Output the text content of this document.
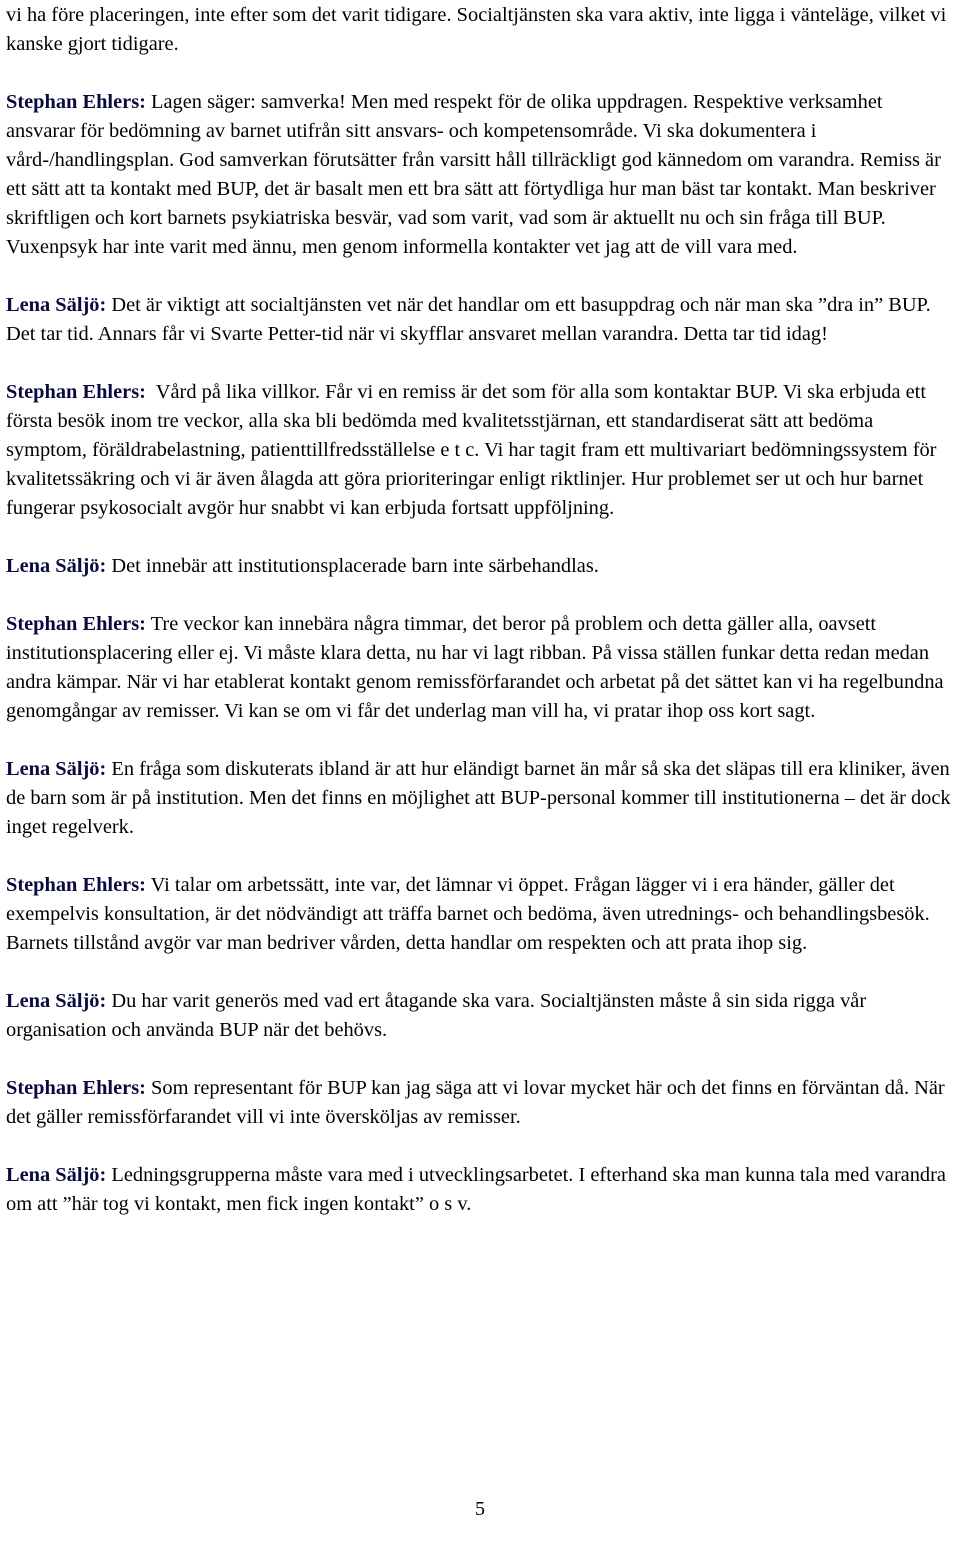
vi ha före placeringen, inte efter som det varit tidigare. Socialtjänsten ska vara aktiv, inte ligga i vänteläge, vilket vi kanske gjort tidigare.

Stephan Ehlers: Lagen säger: samverka! Men med respekt för de olika uppdragen. Respektive verksamhet ansvarar för bedömning av barnet utifrån sitt ansvars- och kompetensområde. Vi ska dokumentera i vård-/handlingsplan. God samverkan förutsätter från varsitt håll tillräckligt god kännedom om varandra. Remiss är ett sätt att ta kontakt med BUP, det är basalt men ett bra sätt att förtydliga hur man bäst tar kontakt. Man beskriver skriftligen och kort barnets psykiatriska besvär, vad som varit, vad som är aktuellt nu och sin fråga till BUP. Vuxenpsyk har inte varit med ännu, men genom informella kontakter vet jag att de vill vara med.

Lena Säljö: Det är viktigt att socialtjänsten vet när det handlar om ett basuppdrag och när man ska ”dra in” BUP. Det tar tid. Annars får vi Svarte Petter-tid när vi skyfflar ansvaret mellan varandra. Detta tar tid idag!

Stephan Ehlers: Vård på lika villkor. Får vi en remiss är det som för alla som kontaktar BUP. Vi ska erbjuda ett första besök inom tre veckor, alla ska bli bedömda med kvalitetsstjärnan, ett standardiserat sätt att bedöma symptom, föräldrabelastning, patienttillfredsställelse e t c. Vi har tagit fram ett multivariart bedömningssystem för kvalitetssäkring och vi är även ålagda att göra prioriteringar enligt riktlinjer. Hur problemet ser ut och hur barnet fungerar psykosocialt avgör hur snabbt vi kan erbjuda fortsatt uppföljning.

Lena Säljö: Det innebär att institutionsplacerade barn inte särbehandlas.

Stephan Ehlers: Tre veckor kan innebära några timmar, det beror på problem och detta gäller alla, oavsett institutionsplacering eller ej. Vi måste klara detta, nu har vi lagt ribban. På vissa ställen funkar detta redan medan andra kämpar. När vi har etablerat kontakt genom remissförfarandet och arbetat på det sättet kan vi ha regelbundna genomgångar av remisser. Vi kan se om vi får det underlag man vill ha, vi pratar ihop oss kort sagt.

Lena Säljö: En fråga som diskuterats ibland är att hur eländigt barnet än mår så ska det släpas till era kliniker, även de barn som är på institution. Men det finns en möjlighet att BUP-personal kommer till institutionerna – det är dock inget regelverk.

Stephan Ehlers: Vi talar om arbetssätt, inte var, det lämnar vi öppet. Frågan lägger vi i era händer, gäller det exempelvis konsultation, är det nödvändigt att träffa barnet och bedöma, även utrednings- och behandlingsbesök. Barnets tillstånd avgör var man bedriver vården, detta handlar om respekten och att prata ihop sig.

Lena Säljö: Du har varit generös med vad ert åtagande ska vara. Socialtjänsten måste å sin sida rigga vår organisation och använda BUP när det behövs.

Stephan Ehlers: Som representant för BUP kan jag säga att vi lovar mycket här och det finns en förväntan då. När det gäller remissförfarandet vill vi inte översköljas av remisser.

Lena Säljö: Ledningsgrupperna måste vara med i utvecklingsarbetet. I efterhand ska man kunna tala med varandra om att ”här tog vi kontakt, men fick ingen kontakt” o s v.

5
